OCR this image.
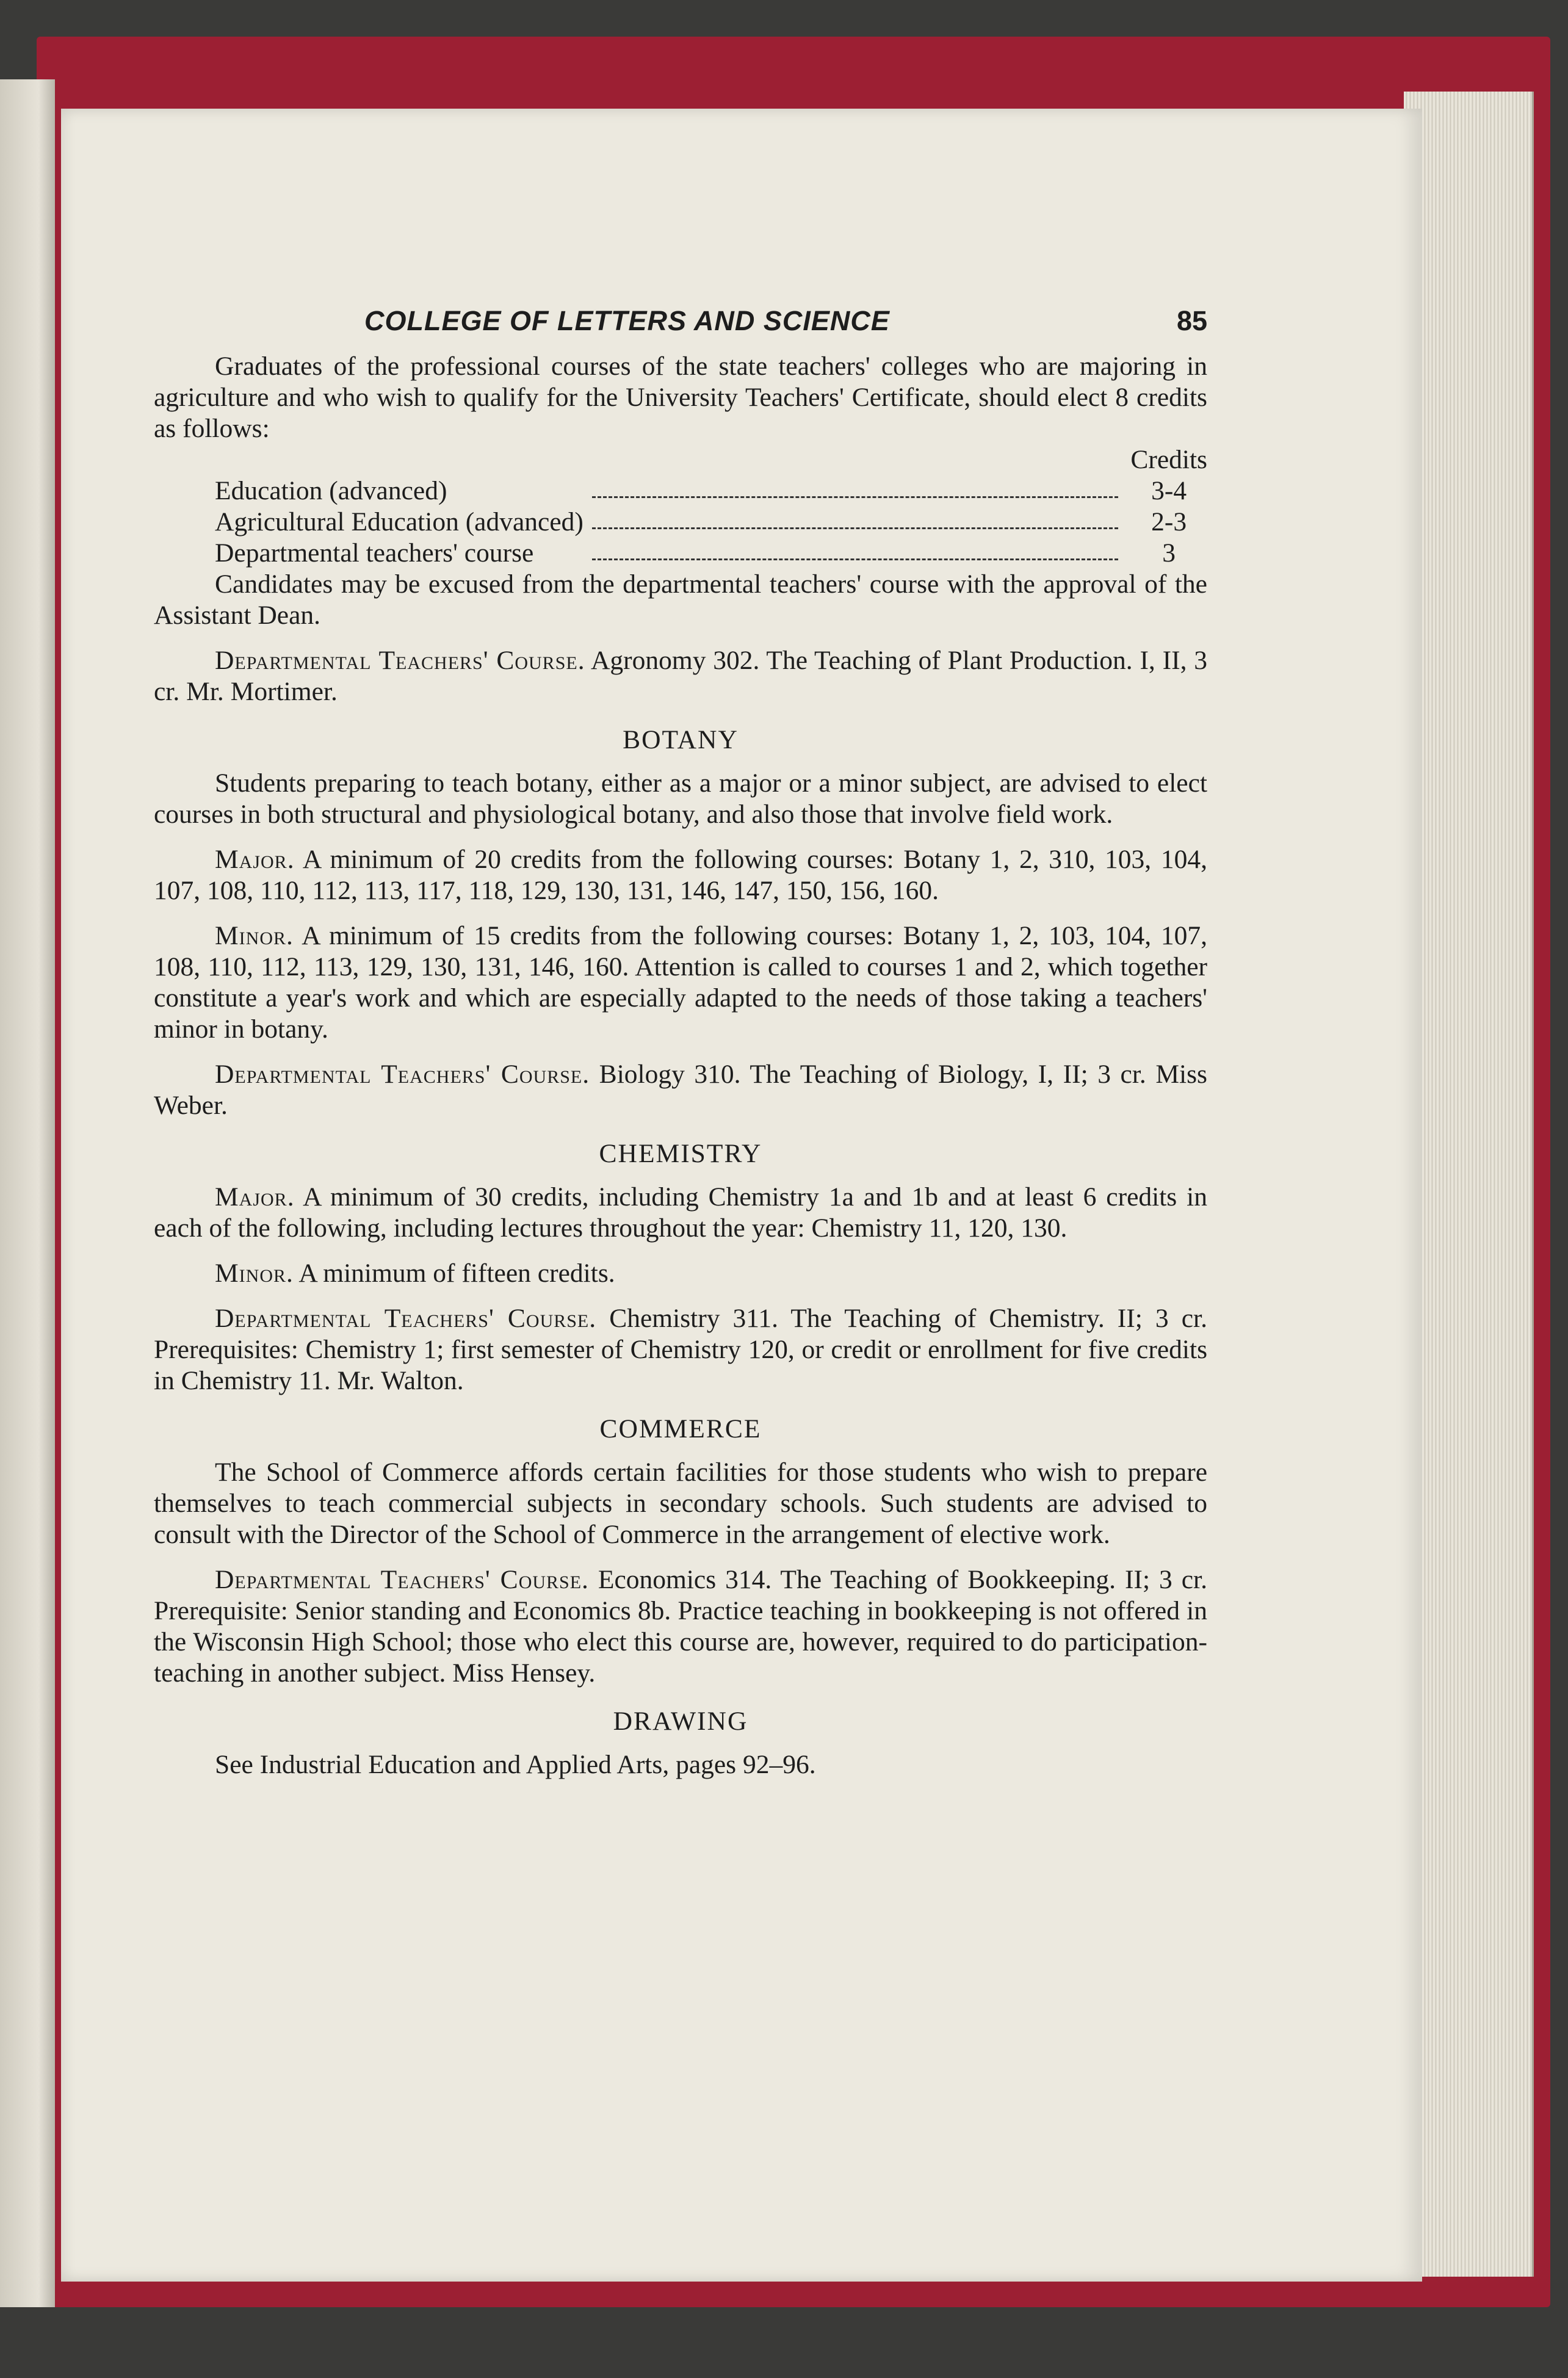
COLLEGE OF LETTERS AND SCIENCE	85

Graduates of the professional courses of the state teachers' colleges who are majoring in agriculture and who wish to qualify for the University Teachers' Certificate, should elect 8 credits as follows:

		Credits
Education (advanced)		3-4
Agricultural Education (advanced)		2-3
Departmental teachers' course		3

Candidates may be excused from the departmental teachers' course with the approval of the Assistant Dean.

Departmental Teachers' Course. Agronomy 302. The Teaching of Plant Production. I, II, 3 cr. Mr. Mortimer.

BOTANY

Students preparing to teach botany, either as a major or a minor subject, are advised to elect courses in both structural and physiological botany, and also those that involve field work.

Major. A minimum of 20 credits from the following courses: Botany 1, 2, 310, 103, 104, 107, 108, 110, 112, 113, 117, 118, 129, 130, 131, 146, 147, 150, 156, 160.

Minor. A minimum of 15 credits from the following courses: Botany 1, 2, 103, 104, 107, 108, 110, 112, 113, 129, 130, 131, 146, 160. Attention is called to courses 1 and 2, which together constitute a year's work and which are especially adapted to the needs of those taking a teachers' minor in botany.

Departmental Teachers' Course. Biology 310. The Teaching of Biology, I, II; 3 cr. Miss Weber.

CHEMISTRY

Major. A minimum of 30 credits, including Chemistry 1a and 1b and at least 6 credits in each of the following, including lectures throughout the year: Chemistry 11, 120, 130.

Minor. A minimum of fifteen credits.

Departmental Teachers' Course. Chemistry 311. The Teaching of Chemistry. II; 3 cr. Prerequisites: Chemistry 1; first semester of Chemistry 120, or credit or enrollment for five credits in Chemistry 11. Mr. Walton.

COMMERCE

The School of Commerce affords certain facilities for those students who wish to prepare themselves to teach commercial subjects in secondary schools. Such students are advised to consult with the Director of the School of Commerce in the arrangement of elective work.

Departmental Teachers' Course. Economics 314. The Teaching of Bookkeeping. II; 3 cr. Prerequisite: Senior standing and Economics 8b. Practice teaching in bookkeeping is not offered in the Wisconsin High School; those who elect this course are, however, required to do participation-teaching in another subject. Miss Hensey.

DRAWING

See Industrial Education and Applied Arts, pages 92–96.
